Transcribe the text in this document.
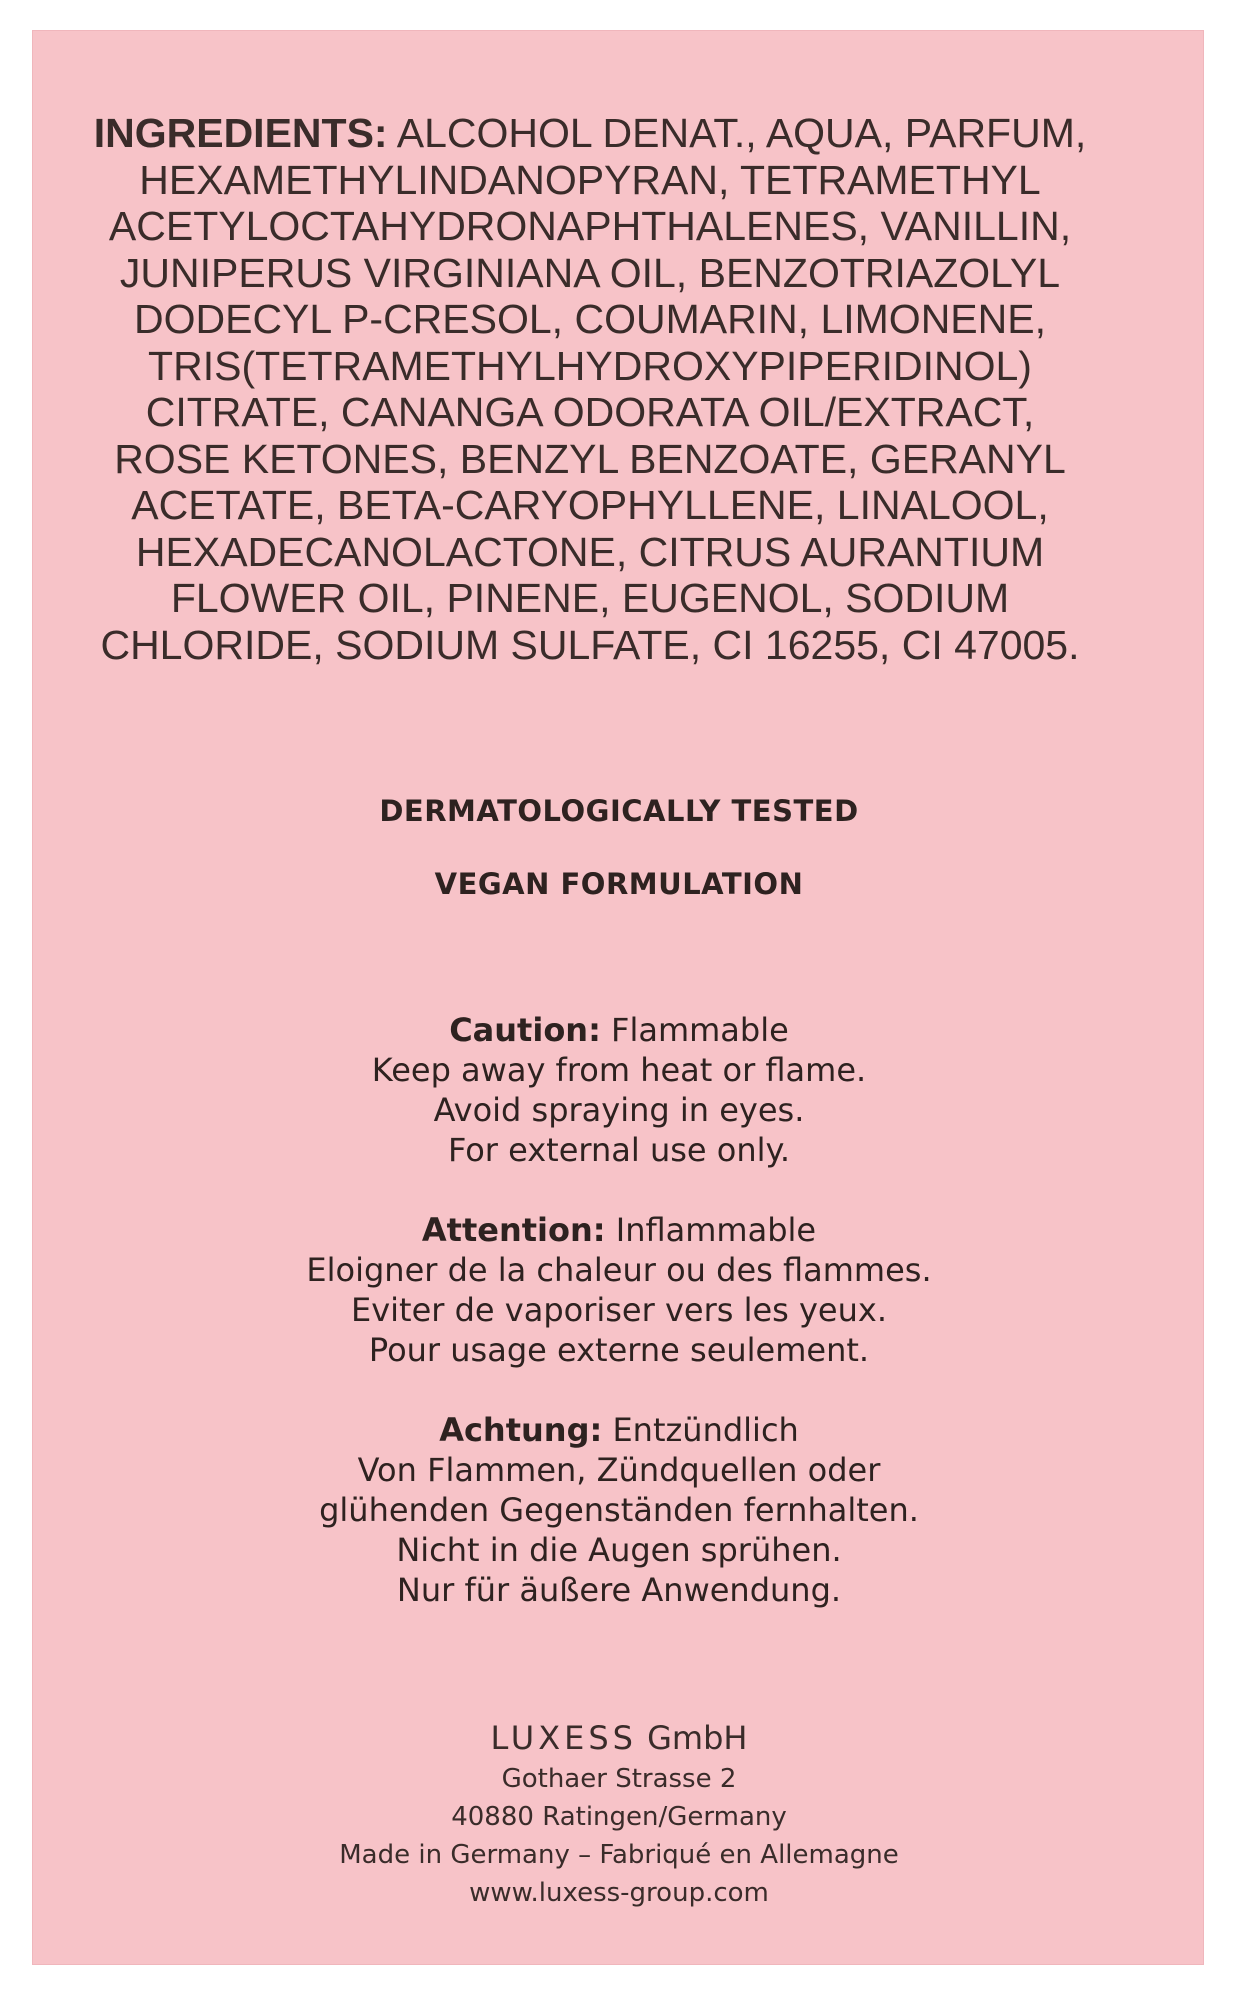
INGREDIENTS: ALCOHOL DENAT., AQUA, PARFUM,
HEXAMETHYLINDANOPYRAN, TETRAMETHYL
ACETYLOCTAHYDRONAPHTHALENES, VANILLIN,
JUNIPERUS VIRGINIANA OIL, BENZOTRIAZOLYL
DODECYL P-CRESOL, COUMARIN, LIMONENE,
TRIS(TETRAMETHYLHYDROXYPIPERIDINOL)
CITRATE, CANANGA ODORATA OIL/EXTRACT,
ROSE KETONES, BENZYL BENZOATE, GERANYL
ACETATE, BETA-CARYOPHYLLENE, LINALOOL,
HEXADECANOLACTONE, CITRUS AURANTIUM
FLOWER OIL, PINENE, EUGENOL, SODIUM
CHLORIDE, SODIUM SULFATE, CI 16255, CI 47005.
DERMATOLOGICALLY TESTED
VEGAN FORMULATION
Caution: Flammable
Keep away from heat or flame.
Avoid spraying in eyes.
For external use only.
Attention: Inflammable
Eloigner de la chaleur ou des flammes.
Eviter de vaporiser vers les yeux.
Pour usage externe seulement.
Achtung: Entzündlich
Von Flammen, Zündquellen oder
glühenden Gegenständen fernhalten.
Nicht in die Augen sprühen.
Nur für äußere Anwendung.
LUXESS GmbH
Gothaer Strasse 2
40880 Ratingen/Germany
Made in Germany – Fabriqué en Allemagne
www.luxess-group.com
